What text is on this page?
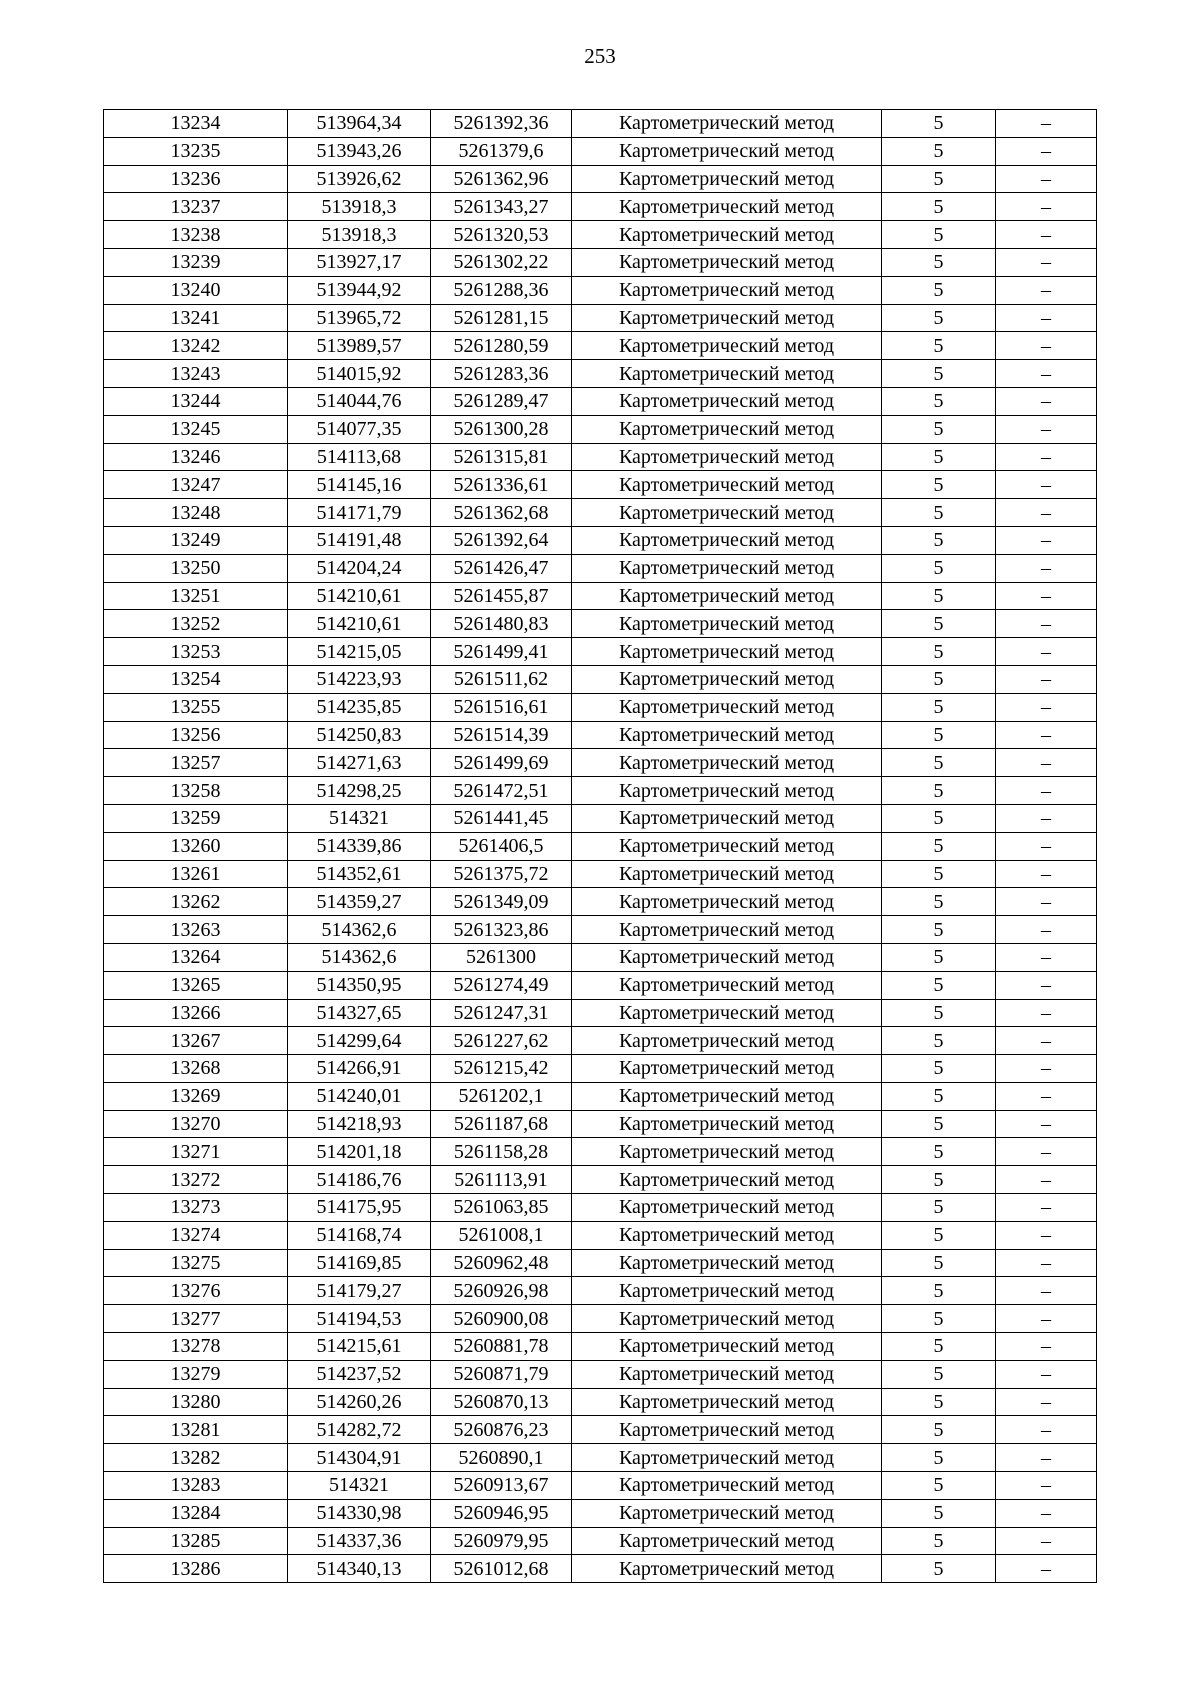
253
13234	513964,34	5261392,36	Картометрический метод	5	–
13235	513943,26	5261379,6	Картометрический метод	5	–
13236	513926,62	5261362,96	Картометрический метод	5	–
13237	513918,3	5261343,27	Картометрический метод	5	–
13238	513918,3	5261320,53	Картометрический метод	5	–
13239	513927,17	5261302,22	Картометрический метод	5	–
13240	513944,92	5261288,36	Картометрический метод	5	–
13241	513965,72	5261281,15	Картометрический метод	5	–
13242	513989,57	5261280,59	Картометрический метод	5	–
13243	514015,92	5261283,36	Картометрический метод	5	–
13244	514044,76	5261289,47	Картометрический метод	5	–
13245	514077,35	5261300,28	Картометрический метод	5	–
13246	514113,68	5261315,81	Картометрический метод	5	–
13247	514145,16	5261336,61	Картометрический метод	5	–
13248	514171,79	5261362,68	Картометрический метод	5	–
13249	514191,48	5261392,64	Картометрический метод	5	–
13250	514204,24	5261426,47	Картометрический метод	5	–
13251	514210,61	5261455,87	Картометрический метод	5	–
13252	514210,61	5261480,83	Картометрический метод	5	–
13253	514215,05	5261499,41	Картометрический метод	5	–
13254	514223,93	5261511,62	Картометрический метод	5	–
13255	514235,85	5261516,61	Картометрический метод	5	–
13256	514250,83	5261514,39	Картометрический метод	5	–
13257	514271,63	5261499,69	Картометрический метод	5	–
13258	514298,25	5261472,51	Картометрический метод	5	–
13259	514321	5261441,45	Картометрический метод	5	–
13260	514339,86	5261406,5	Картометрический метод	5	–
13261	514352,61	5261375,72	Картометрический метод	5	–
13262	514359,27	5261349,09	Картометрический метод	5	–
13263	514362,6	5261323,86	Картометрический метод	5	–
13264	514362,6	5261300	Картометрический метод	5	–
13265	514350,95	5261274,49	Картометрический метод	5	–
13266	514327,65	5261247,31	Картометрический метод	5	–
13267	514299,64	5261227,62	Картометрический метод	5	–
13268	514266,91	5261215,42	Картометрический метод	5	–
13269	514240,01	5261202,1	Картометрический метод	5	–
13270	514218,93	5261187,68	Картометрический метод	5	–
13271	514201,18	5261158,28	Картометрический метод	5	–
13272	514186,76	5261113,91	Картометрический метод	5	–
13273	514175,95	5261063,85	Картометрический метод	5	–
13274	514168,74	5261008,1	Картометрический метод	5	–
13275	514169,85	5260962,48	Картометрический метод	5	–
13276	514179,27	5260926,98	Картометрический метод	5	–
13277	514194,53	5260900,08	Картометрический метод	5	–
13278	514215,61	5260881,78	Картометрический метод	5	–
13279	514237,52	5260871,79	Картометрический метод	5	–
13280	514260,26	5260870,13	Картометрический метод	5	–
13281	514282,72	5260876,23	Картометрический метод	5	–
13282	514304,91	5260890,1	Картометрический метод	5	–
13283	514321	5260913,67	Картометрический метод	5	–
13284	514330,98	5260946,95	Картометрический метод	5	–
13285	514337,36	5260979,95	Картометрический метод	5	–
13286	514340,13	5261012,68	Картометрический метод	5	–
